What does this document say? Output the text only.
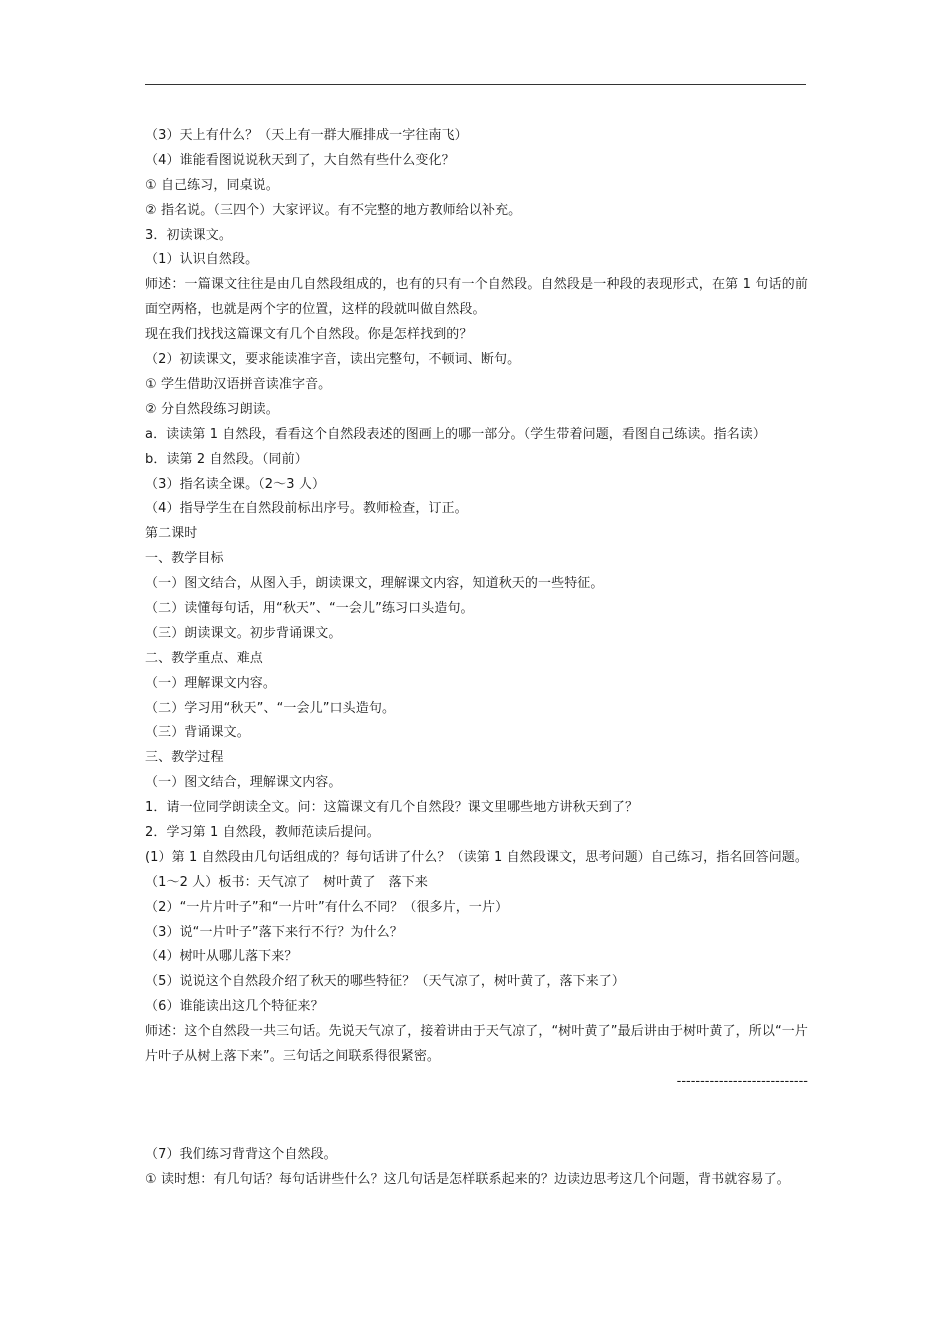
（3）天上有什么？（天上有一群大雁排成一字往南飞）
（4）谁能看图说说秋天到了，大自然有些什么变化？
① 自己练习，同桌说。
② 指名说。（三四个）大家评议。有不完整的地方教师给以补充。
3．初读课文。
（1）认识自然段。
师述：一篇课文往往是由几自然段组成的，也有的只有一个自然段。自然段是一种段的表现形式，在第 1 句话的前面空两格，也就是两个字的位置，这样的段就叫做自然段。
现在我们找找这篇课文有几个自然段。你是怎样找到的？
（2）初读课文，要求能读准字音，读出完整句，不顿词、断句。
① 学生借助汉语拼音读准字音。
② 分自然段练习朗读。
a．读读第 1 自然段，看看这个自然段表述的图画上的哪一部分。（学生带着问题，看图自己练读。指名读）
b．读第 2 自然段。（同前）
（3）指名读全课。（2～3 人）
（4）指导学生在自然段前标出序号。教师检查，订正。
第二课时
一、教学目标
（一）图文结合，从图入手，朗读课文，理解课文内容，知道秋天的一些特征。
（二）读懂每句话，用“秋天”、“一会儿”练习口头造句。
（三）朗读课文。初步背诵课文。
二、教学重点、难点
（一）理解课文内容。
（二）学习用“秋天”、“一会儿”口头造句。
（三）背诵课文。
三、教学过程
（一）图文结合，理解课文内容。
1．请一位同学朗读全文。问：这篇课文有几个自然段？课文里哪些地方讲秋天到了？
2．学习第 1 自然段，教师范读后提问。
(1）第 1 自然段由几句话组成的？每句话讲了什么？（读第 1 自然段课文，思考问题）自己练习，指名回答问题。（1～2 人）板书：天气凉了　树叶黄了　落下来
（2）“一片片叶子”和“一片叶”有什么不同？（很多片，一片）
（3）说“一片叶子”落下来行不行？为什么？
（4）树叶从哪儿落下来？
（5）说说这个自然段介绍了秋天的哪些特征？（天气凉了，树叶黄了，落下来了）
（6）谁能读出这几个特征来？
师述：这个自然段一共三句话。先说天气凉了，接着讲由于天气凉了，“树叶黄了”最后讲由于树叶黄了，所以“一片片叶子从树上落下来”。三句话之间联系得很紧密。
----------------------------
（7）我们练习背背这个自然段。
① 读时想：有几句话？每句话讲些什么？这几句话是怎样联系起来的？边读边思考这几个问题，背书就容易了。
